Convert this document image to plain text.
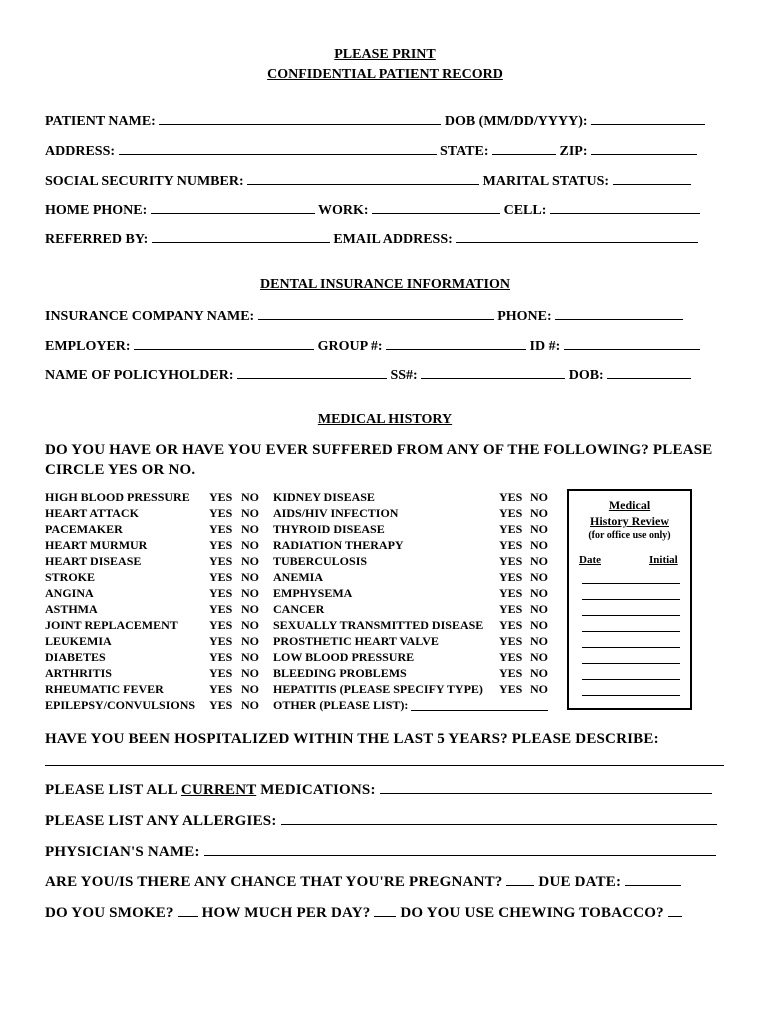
PLEASE PRINT
CONFIDENTIAL PATIENT RECORD
PATIENT NAME:	DOB (MM/DD/YYYY):
ADDRESS:	STATE:	ZIP:
SOCIAL SECURITY NUMBER:	MARITAL STATUS:
HOME PHONE:	WORK:	CELL:
REFERRED BY:	EMAIL ADDRESS:
DENTAL INSURANCE INFORMATION
INSURANCE COMPANY NAME:	PHONE:
EMPLOYER:	GROUP #:	ID #:
NAME OF POLICYHOLDER:	SS#:	DOB:
MEDICAL HISTORY
DO YOU HAVE OR HAVE YOU EVER SUFFERED FROM ANY OF THE FOLLOWING? PLEASE
CIRCLE YES OR NO.
HIGH BLOOD PRESSURE YES NO
HEART ATTACK	YES NO
PACEMAKER	YES NO
HEART MURMUR	YES NO
HEART DISEASE	YES NO
STROKE	YES NO
ANGINA	YES NO
ASTHMA	YES NO
JOINT REPLACEMENT	YES NO
LEUKEMIA	YES NO
DIABETES	YES NO
ARTHRITIS	YES NO
RHEUMATIC FEVER	YES NO
EPILEPSY/CONVULSIONS YES NO
KIDNEY DISEASE	YES NO
AIDS/HIV INFECTION	YES NO
THYROID DISEASE	YES NO
RADIATION THERAPY	YES NO
TUBERCULOSIS	YES NO
ANEMIA	YES NO
EMPHYSEMA	YES NO
CANCER	YES NO
SEXUALLY TRANSMITTED DISEASE YES NO
PROSTHETIC HEART VALVE	YES NO
LOW BLOOD PRESSURE	YES NO
BLEEDING PROBLEMS	YES NO
HEPATITIS (PLEASE SPECIFY TYPE) YES NO
OTHER (PLEASE LIST):
Medical
History Review
(for office use only)
Date	Initial
HAVE YOU BEEN HOSPITALIZED WITHIN THE LAST 5 YEARS? PLEASE DESCRIBE:
PLEASE LIST ALL CURRENT MEDICATIONS:
PLEASE LIST ANY ALLERGIES:
PHYSICIAN'S NAME:
ARE YOU/IS THERE ANY CHANCE THAT YOU'RE PREGNANT? DUE DATE:
DO YOU SMOKE? HOW MUCH PER DAY? DO YOU USE CHEWING TOBACCO?
